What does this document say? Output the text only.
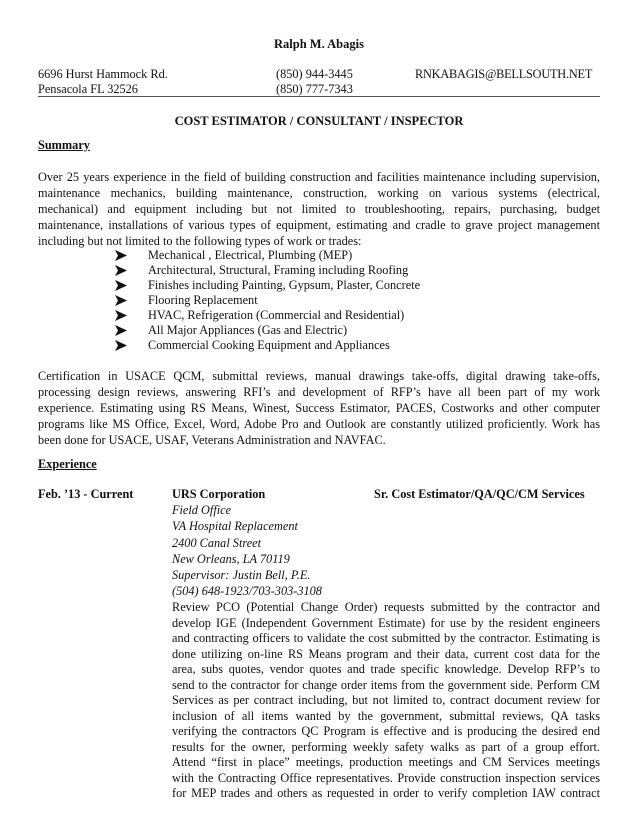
Ralph M. Abagis
6696 Hurst Hammock Rd.
Pensacola FL 32526
(850) 944-3445
(850) 777-7343
RNKABAGIS@BELLSOUTH.NET
COST ESTIMATOR / CONSULTANT / INSPECTOR
Summary
Over 25 years experience in the field of building construction and facilities maintenance including supervision,
maintenance mechanics, building maintenance, construction, working on various systems (electrical,
mechanical) and equipment including but not limited to troubleshooting, repairs, purchasing, budget
maintenance, installations of various types of equipment, estimating and cradle to grave project management
including but not limited to the following types of work or trades:
Mechanical , Electrical, Plumbing (MEP)
Architectural, Structural, Framing including Roofing
Finishes including Painting, Gypsum, Plaster, Concrete
Flooring Replacement
HVAC, Refrigeration (Commercial and Residential)
All Major Appliances (Gas and Electric)
Commercial Cooking Equipment and Appliances
Certification in USACE QCM, submittal reviews, manual drawings take-offs, digital drawing take-offs,
processing design reviews, answering RFI’s and development of RFP’s have all been part of my work
experience. Estimating using RS Means, Winest, Success Estimator, PACES, Costworks and other computer
programs like MS Office, Excel, Word, Adobe Pro and Outlook are constantly utilized proficiently. Work has
been done for USACE, USAF, Veterans Administration and NAVFAC.
Experience
Feb. ’13 - Current	URS Corporation	Sr. Cost Estimator/QA/QC/CM Services
Field Office
VA Hospital Replacement
2400 Canal Street
New Orleans, LA 70119
Supervisor: Justin Bell, P.E.
(504) 648-1923/703-303-3108
Review PCO (Potential Change Order) requests submitted by the contractor and
develop IGE (Independent Government Estimate) for use by the resident engineers
and contracting officers to validate the cost submitted by the contractor. Estimating is
done utilizing on-line RS Means program and their data, current cost data for the
area, subs quotes, vendor quotes and trade specific knowledge. Develop RFP’s to
send to the contractor for change order items from the government side. Perform CM
Services as per contract including, but not limited to, contract document review for
inclusion of all items wanted by the government, submittal reviews, QA tasks
verifying the contractors QC Program is effective and is producing the desired end
results for the owner, performing weekly safety walks as part of a group effort.
Attend “first in place” meetings, production meetings and CM Services meetings
with the Contracting Office representatives. Provide construction inspection services
for MEP trades and others as requested in order to verify completion IAW contract
